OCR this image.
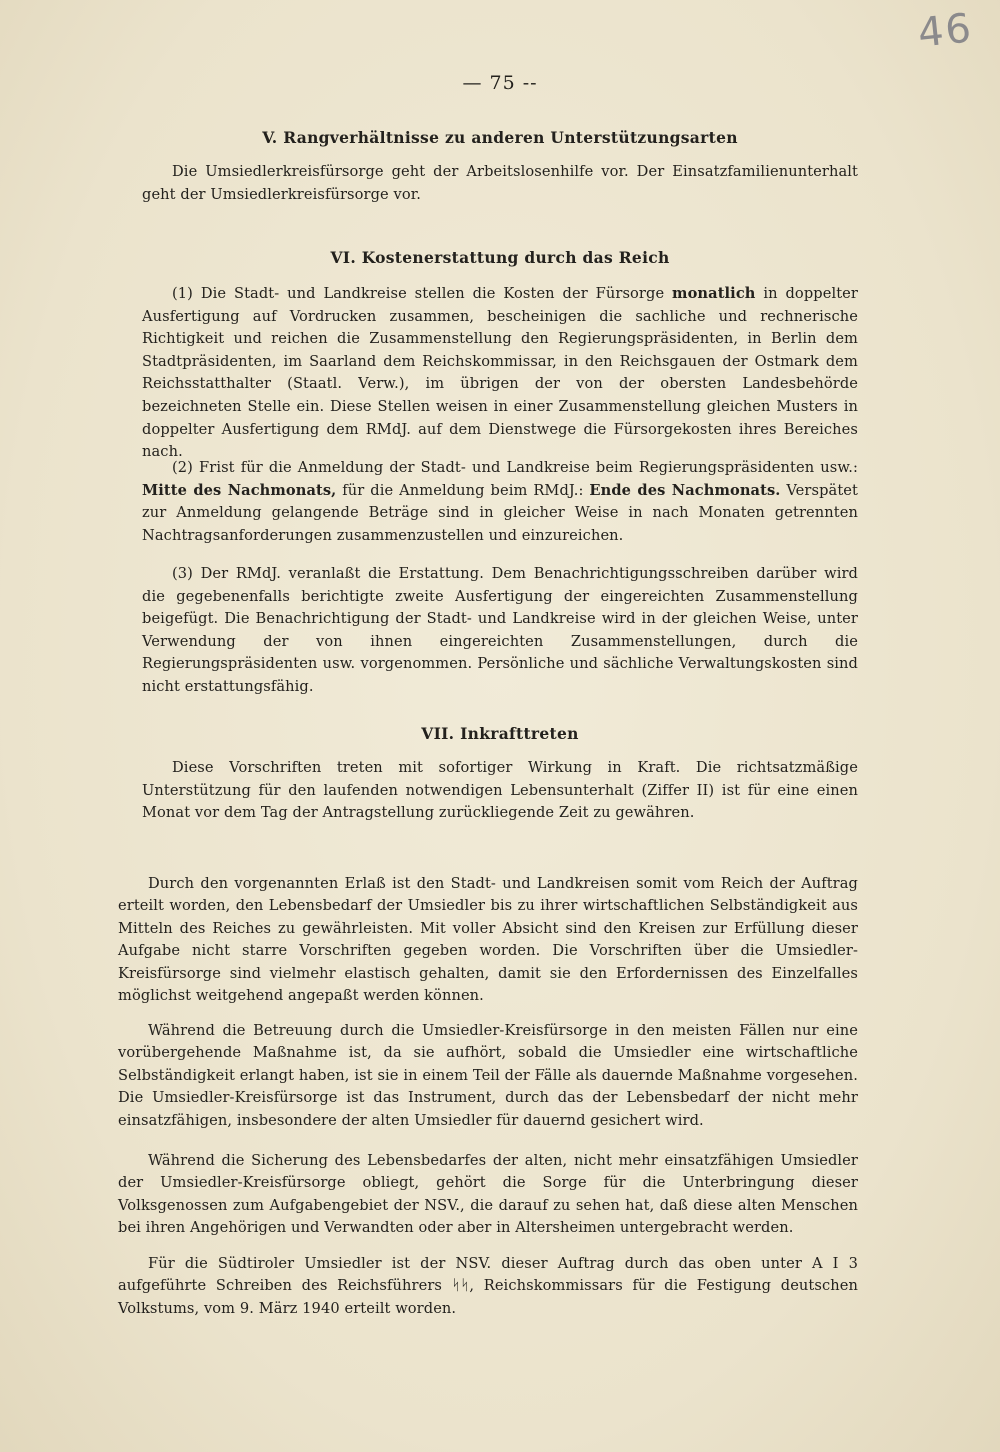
46
— 75 --
V. Rangverhältnisse zu anderen Unterstützungsarten
Die Umsiedlerkreisfürsorge geht der Arbeitslosenhilfe vor. Der Einsatzfamilienunterhalt geht der Umsiedlerkreisfürsorge vor.
VI. Kostenerstattung durch das Reich
(1) Die Stadt- und Landkreise stellen die Kosten der Fürsorge monatlich in doppelter Ausfertigung auf Vordrucken zusammen, bescheinigen die sachliche und rechnerische Richtigkeit und reichen die Zusammenstellung den Regierungspräsidenten, in Berlin dem Stadtpräsidenten, im Saarland dem Reichskommissar, in den Reichsgauen der Ostmark dem Reichsstatthalter (Staatl. Verw.), im übrigen der von der obersten Landesbehörde bezeichneten Stelle ein. Diese Stellen weisen in einer Zusammenstellung gleichen Musters in doppelter Ausfertigung dem RMdJ. auf dem Dienstwege die Fürsorgekosten ihres Bereiches nach.
(2) Frist für die Anmeldung der Stadt- und Landkreise beim Regierungspräsidenten usw.: Mitte des Nachmonats, für die Anmeldung beim RMdJ.: Ende des Nachmonats. Verspätet zur Anmeldung gelangende Beträge sind in gleicher Weise in nach Monaten getrennten Nachtragsanforderungen zusammenzustellen und einzureichen.
(3) Der RMdJ. veranlaßt die Erstattung. Dem Benachrichtigungsschreiben darüber wird die gegebenenfalls berichtigte zweite Ausfertigung der eingereichten Zusammenstellung beigefügt. Die Benachrichtigung der Stadt- und Landkreise wird in der gleichen Weise, unter Verwendung der von ihnen eingereichten Zusammenstellungen, durch die Regierungspräsidenten usw. vorgenommen. Persönliche und sächliche Verwaltungskosten sind nicht erstattungsfähig.
VII. Inkrafttreten
Diese Vorschriften treten mit sofortiger Wirkung in Kraft. Die richtsatzmäßige Unterstützung für den laufenden notwendigen Lebensunterhalt (Ziffer II) ist für eine einen Monat vor dem Tag der Antragstellung zurückliegende Zeit zu gewähren.
Durch den vorgenannten Erlaß ist den Stadt- und Landkreisen somit vom Reich der Auftrag erteilt worden, den Lebensbedarf der Umsiedler bis zu ihrer wirtschaftlichen Selbständigkeit aus Mitteln des Reiches zu gewährleisten. Mit voller Absicht sind den Kreisen zur Erfüllung dieser Aufgabe nicht starre Vorschriften gegeben worden. Die Vorschriften über die Umsiedler-Kreisfürsorge sind vielmehr elastisch gehalten, damit sie den Erfordernissen des Einzelfalles möglichst weitgehend angepaßt werden können.
Während die Betreuung durch die Umsiedler-Kreisfürsorge in den meisten Fällen nur eine vorübergehende Maßnahme ist, da sie aufhört, sobald die Umsiedler eine wirtschaftliche Selbständigkeit erlangt haben, ist sie in einem Teil der Fälle als dauernde Maßnahme vorgesehen. Die Umsiedler-Kreisfürsorge ist das Instrument, durch das der Lebensbedarf der nicht mehr einsatzfähigen, insbesondere der alten Umsiedler für dauernd gesichert wird.
Während die Sicherung des Lebensbedarfes der alten, nicht mehr einsatzfähigen Umsiedler der Umsiedler-Kreisfürsorge obliegt, gehört die Sorge für die Unterbringung dieser Volksgenossen zum Aufgabengebiet der NSV., die darauf zu sehen hat, daß diese alten Menschen bei ihren Angehörigen und Verwandten oder aber in Altersheimen untergebracht werden.
Für die Südtiroler Umsiedler ist der NSV. dieser Auftrag durch das oben unter A I 3 aufgeführte Schreiben des Reichsführers ᛋᛋ, Reichskommissars für die Festigung deutschen Volkstums, vom 9. März 1940 erteilt worden.
